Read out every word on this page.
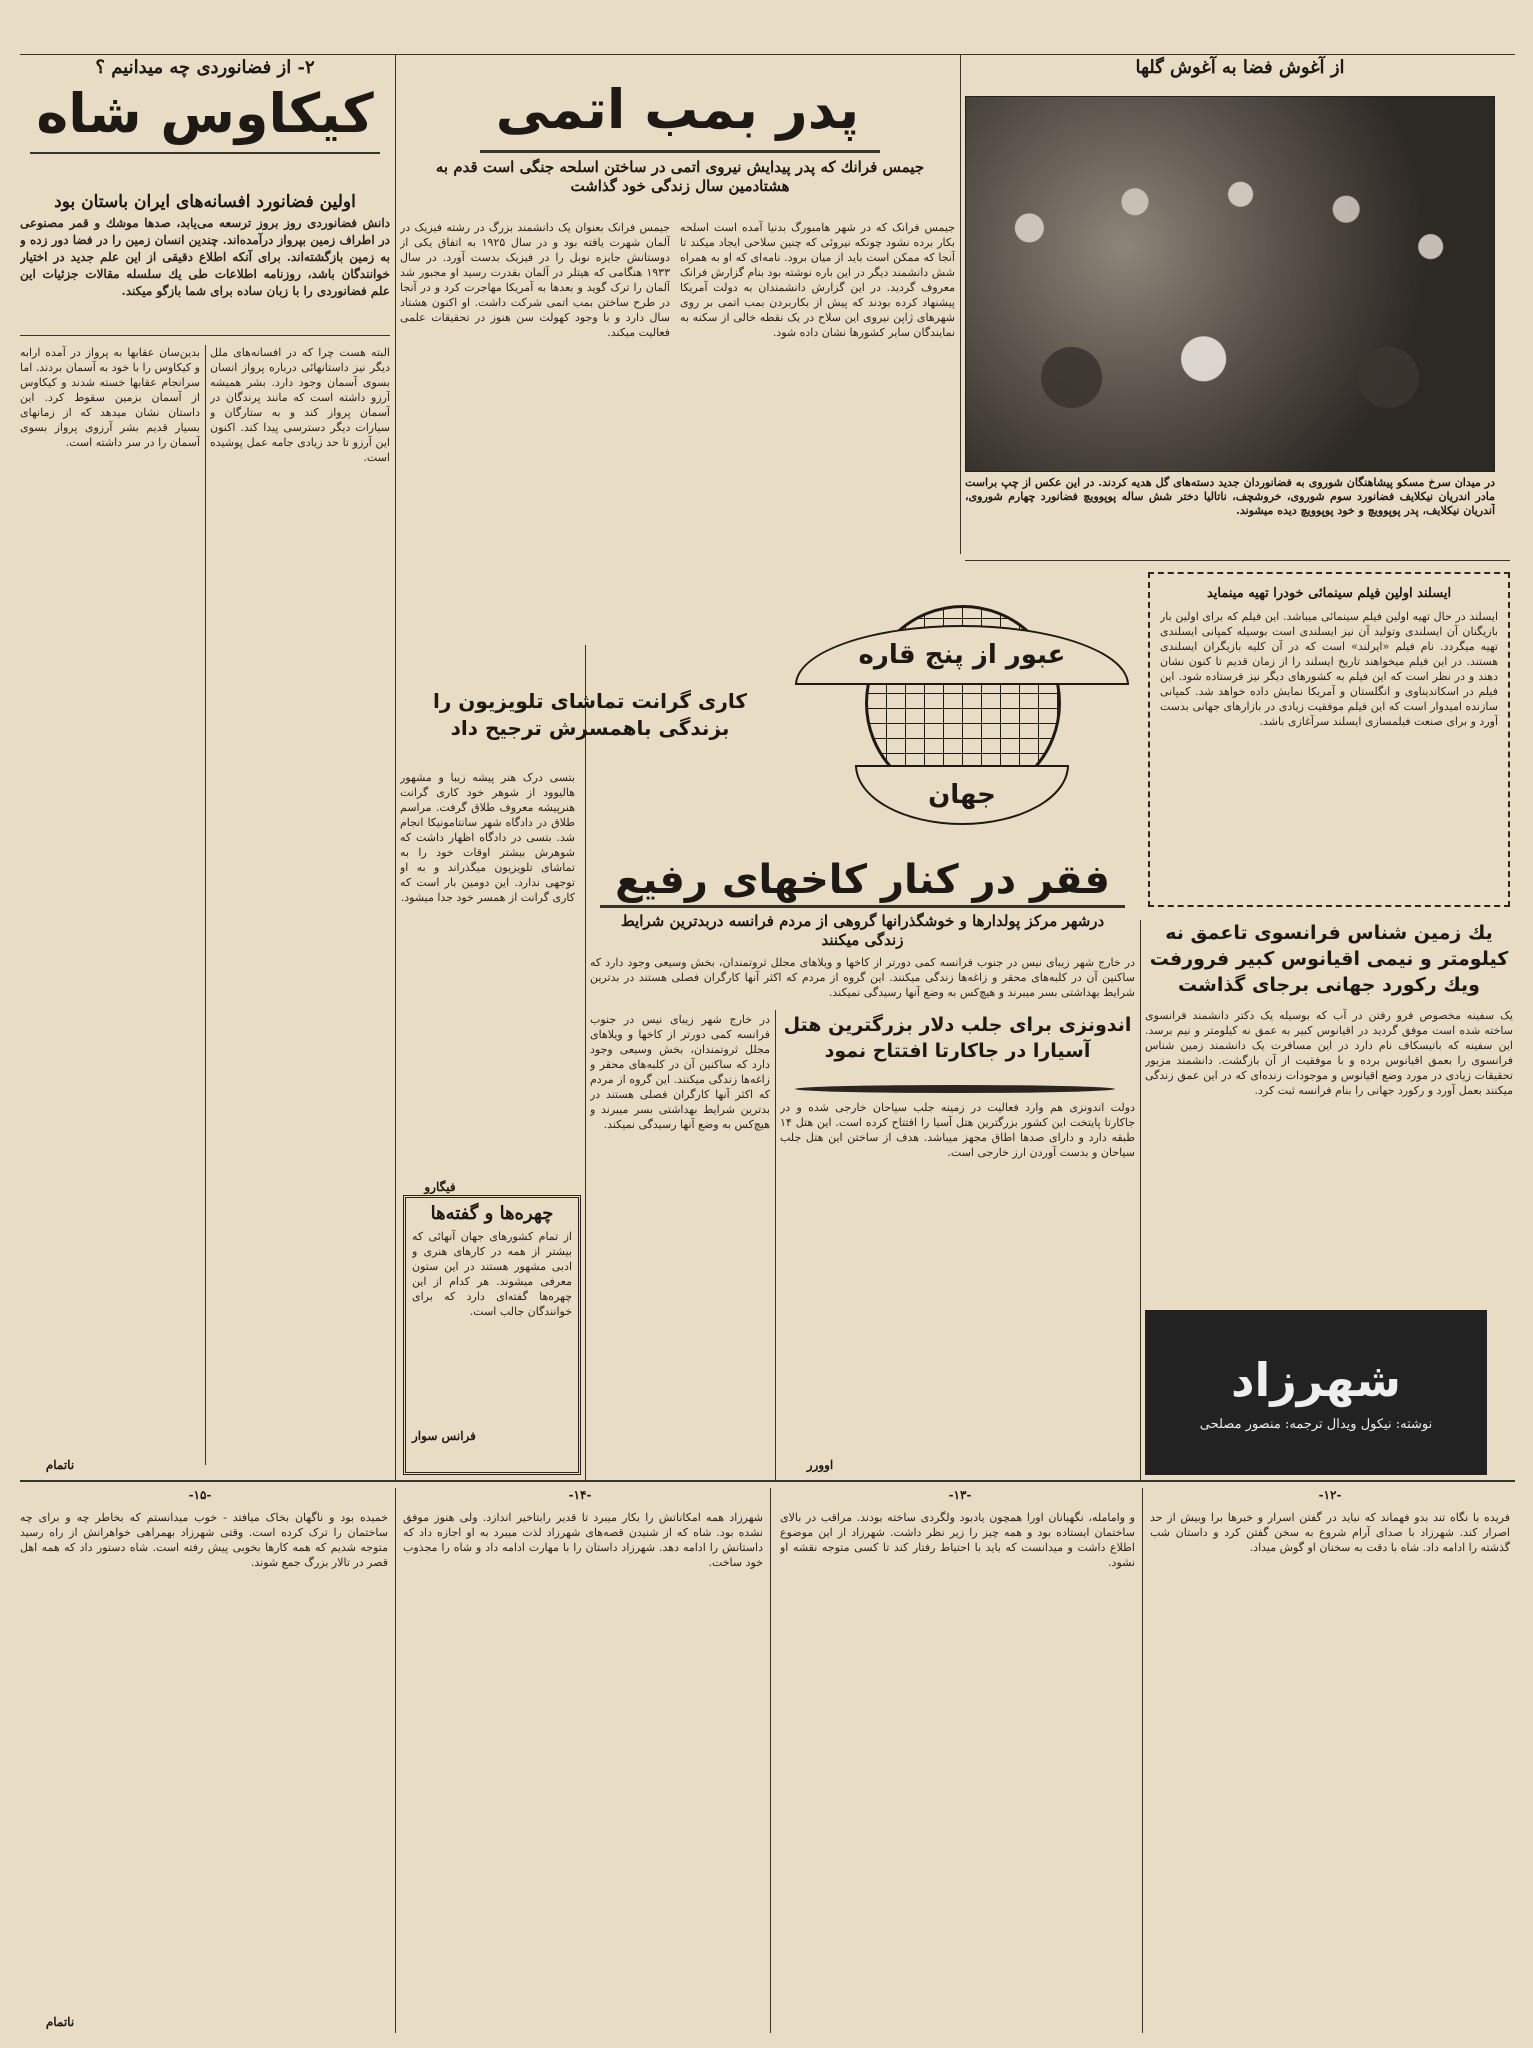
از آغوش فضا به آغوش گلها
در میدان سرخ مسکو پیشاهنگان شوروی به فضانوردان جدید دسته‌های گل هدیه کردند. در این عکس از چپ براست مادر اندریان نیکلایف فضانورد سوم شوروی، خروشچف، ناتالیا دختر شش ساله پوپوویچ فضانورد چهارم شوروی، آندریان نیکلایف، پدر پوپوویچ و خود پوپوویچ دیده میشوند.
ایسلند اولین فیلم سینمائی خودرا تهیه مینماید
ایسلند در حال تهیه اولین فیلم سینمائی میباشد. این فیلم که برای اولین بار بازیگنان آن ایسلندی وتولید آن نیز ایسلندی است بوسیله کمپانی ایسلندی تهیه میگردد. نام فیلم «ایرلند» است که در آن کلیه بازیگران ایسلندی هستند. در این فیلم میخواهند تاریخ ایسلند را از زمان قدیم تا کنون نشان دهند و در نظر است که این فیلم به کشورهای دیگر نیز فرستاده شود. این فیلم در اسکاندیناوی و انگلستان و آمریکا نمایش داده خواهد شد. کمپانی سازنده امیدوار است که این فیلم موفقیت زیادی در بازارهای جهانی بدست آورد و برای صنعت فیلمسازی ایسلند سرآغازی باشد.
یك زمین شناس فرانسوی تاعمق نه کیلومتر و نیمی اقیانوس کبیر فرورفت ویك رکورد جهانی برجای گذاشت
یک سفینه مخصوص فرو رفتن در آب که بوسیله یک دکتر دانشمند فرانسوی ساخته شده است موفق گردید در اقیانوس کبیر به عمق نه کیلومتر و نیم برسد. این سفینه که باتیسکاف نام دارد در این مسافرت یک دانشمند زمین شناس فرانسوی را بعمق اقیانوس برده و با موفقیت از آن بازگشت. دانشمند مزبور تحقیقات زیادی در مورد وضع اقیانوس و موجودات زنده‌ای که در این عمق زندگی میکنند بعمل آورد و رکورد جهانی را بنام فرانسه ثبت کرد.
شهرزاد
نوشته: نیکول ویدال ترجمه: منصور مصلحی
پدر بمب اتمی
جیمس فرانك که پدر پیدایش نیروی اتمی در ساختن اسلحه جنگی است قدم به هشتادمین سال زندگی خود گذاشت
جیمس فرانک که در شهر هامبورگ بدنیا آمده است اسلحه بکار برده نشود چونکه نیروئی که چنین سلاحی ایجاد میکند تا آنجا که ممکن است باید از میان برود. نامه‌ای که او به همراه شش دانشمند دیگر در این باره نوشته بود بنام گزارش فرانک معروف گردید. در این گزارش دانشمندان به دولت آمریکا پیشنهاد کرده بودند که پیش از بکاربردن بمب اتمی بر روی شهرهای ژاپن نیروی این سلاح در یک نقطه خالی از سکنه به نمایندگان سایر کشورها نشان داده شود.
جیمس فرانک بعنوان یک دانشمند بزرگ در رشته فیزیک در آلمان شهرت یافته بود و در سال ۱۹۲۵ به اتفاق یکی از دوستانش جایزه نوبل را در فیزیک بدست آورد. در سال ۱۹۳۳ هنگامی که هیتلر در آلمان بقدرت رسید او مجبور شد آلمان را ترک گوید و بعدها به آمریکا مهاجرت کرد و در آنجا در طرح ساختن بمب اتمی شرکت داشت. او اکنون هشتاد سال دارد و با وجود کهولت سن هنوز در تحقیقات علمی فعالیت میکند.
عبور از پنج قاره
جهان
کاری گرانت تماشای تلویزیون را بزندگی باهمسرش ترجیح داد
بتسی درک هنر پیشه زیبا و مشهور هالیوود از شوهر خود کاری گرانت هنرپیشه معروف طلاق گرفت. مراسم طلاق در دادگاه شهر سانتامونیکا انجام شد. بتسی در دادگاه اظهار داشت که شوهرش بیشتر اوقات خود را به تماشای تلویزیون میگذراند و به او توجهی ندارد. این دومین بار است که کاری گرانت از همسر خود جدا میشود.
فیگارو
چهره‌ها و گفته‌ها
از تمام کشورهای جهان آنهائی که بیشتر از همه در کارهای هنری و ادبی مشهور هستند در این ستون معرفی میشوند. هر کدام از این چهره‌ها گفته‌ای دارد که برای خوانندگان جالب است.
فرانس سوار
فقر در کنار کاخهای رفیع
درشهر مرکز پولدارها و خوشگذرانها گروهی از مردم فرانسه دربدترین شرایط زندگی میکنند
در خارج شهر زیبای نیس در جنوب فرانسه کمی دورتر از کاخها و ویلاهای مجلل ثروتمندان، بخش وسیعی وجود دارد که ساکنین آن در کلبه‌های محقر و زاغه‌ها زندگی میکنند. این گروه از مردم که اکثر آنها کارگران فصلی هستند در بدترین شرایط بهداشتی بسر میبرند و هیچ‌کس به وضع آنها رسیدگی نمیکند.
اندونزی برای جلب دلار بزرگترین هتل آسیارا در جاکارتا افتتاح نمود
دولت اندونزی هم وارد فعالیت در زمینه جلب سیاحان خارجی شده و در جاکارتا پایتخت این کشور بزرگترین هتل آسیا را افتتاح کرده است. این هتل ۱۴ طبقه دارد و دارای صدها اطاق مجهز میباشد. هدف از ساختن این هتل جلب سیاحان و بدست آوردن ارز خارجی است.
اوورر
در خارج شهر زیبای نیس در جنوب فرانسه کمی دورتر از کاخها و ویلاهای مجلل ثروتمندان، بخش وسیعی وجود دارد که ساکنین آن در کلبه‌های محقر و زاغه‌ها زندگی میکنند. این گروه از مردم که اکثر آنها کارگران فصلی هستند در بدترین شرایط بهداشتی بسر میبرند و هیچ‌کس به وضع آنها رسیدگی نمیکند.
۲- از فضانوردی چه میدانیم ؟
کیکاوس شاه
اولین فضانورد افسانه‌های ایران باستان بود
دانش فضانوردی روز بروز ترسعه می‌یابد، صدها موشك و قمر مصنوعی در اطراف زمین بپرواز درآمده‌اند. چندین انسان زمین را در فضا دور زده و به زمین بازگشته‌اند. برای آنکه اطلاع دقیقی از این علم جدید در اختیار خوانندگان باشد، روزنامه اطلاعات طی یك سلسله مقالات جزئیات این علم فضانوردی را با زبان ساده برای شما بازگو میکند.
بدین‌سان عقابها به پرواز در آمده ارابه و کیکاوس را با خود به آسمان بردند. اما سرانجام عقابها خسته شدند و کیکاوس از آسمان بزمین سقوط کرد. این داستان نشان میدهد که از زمانهای بسیار قدیم بشر آرزوی پرواز بسوی آسمان را در سر داشته است.
البته هست چرا که در افسانه‌های ملل دیگر نیز داستانهائی درباره پرواز انسان بسوی آسمان وجود دارد. بشر همیشه آرزو داشته است که مانند پرندگان در آسمان پرواز کند و به ستارگان و سیارات دیگر دسترسی پیدا کند. اکنون این آرزو تا حد زیادی جامه عمل پوشیده است.
ناتمام
-۱۲-
-۱۳-
-۱۴-
-۱۵-
فریده با نگاه تند بدو فهماند که نباید در گفتن اسرار و خبرها برا وبیش از حد اصرار کند. شهرزاد با صدای آرام شروع به سخن گفتن کرد و داستان شب گذشته را ادامه داد. شاه با دقت به سخنان او گوش میداد.
و وامامله، نگهبانان اورا همچون یادبود ولگردی ساخته بودند. مراقب در بالای ساختمان ایستاده بود و همه چیز را زیر نظر داشت. شهرزاد از این موضوع اطلاع داشت و میدانست که باید با احتیاط رفتار کند تا کسی متوجه نقشه او نشود.
شهرزاد همه امکاناتش را بکار میبرد تا قدیر رابتاخیر اندازد. ولی هنوز موفق نشده بود. شاه که از شنیدن قصه‌های شهرزاد لذت میبرد به او اجازه داد که داستانش را ادامه دهد. شهرزاد داستان را با مهارت ادامه داد و شاه را مجذوب خود ساخت.
خمیده بود و ناگهان بخاک میافتد - خوب میدانستم که بخاطر چه و برای چه ساختمان را ترک کرده است. وقتی شهرزاد بهمراهی خواهرانش از راه رسید متوجه شدیم که همه کارها بخوبی پیش رفته است. شاه دستور داد که همه اهل قصر در تالار بزرگ جمع شوند.
ناتمام
